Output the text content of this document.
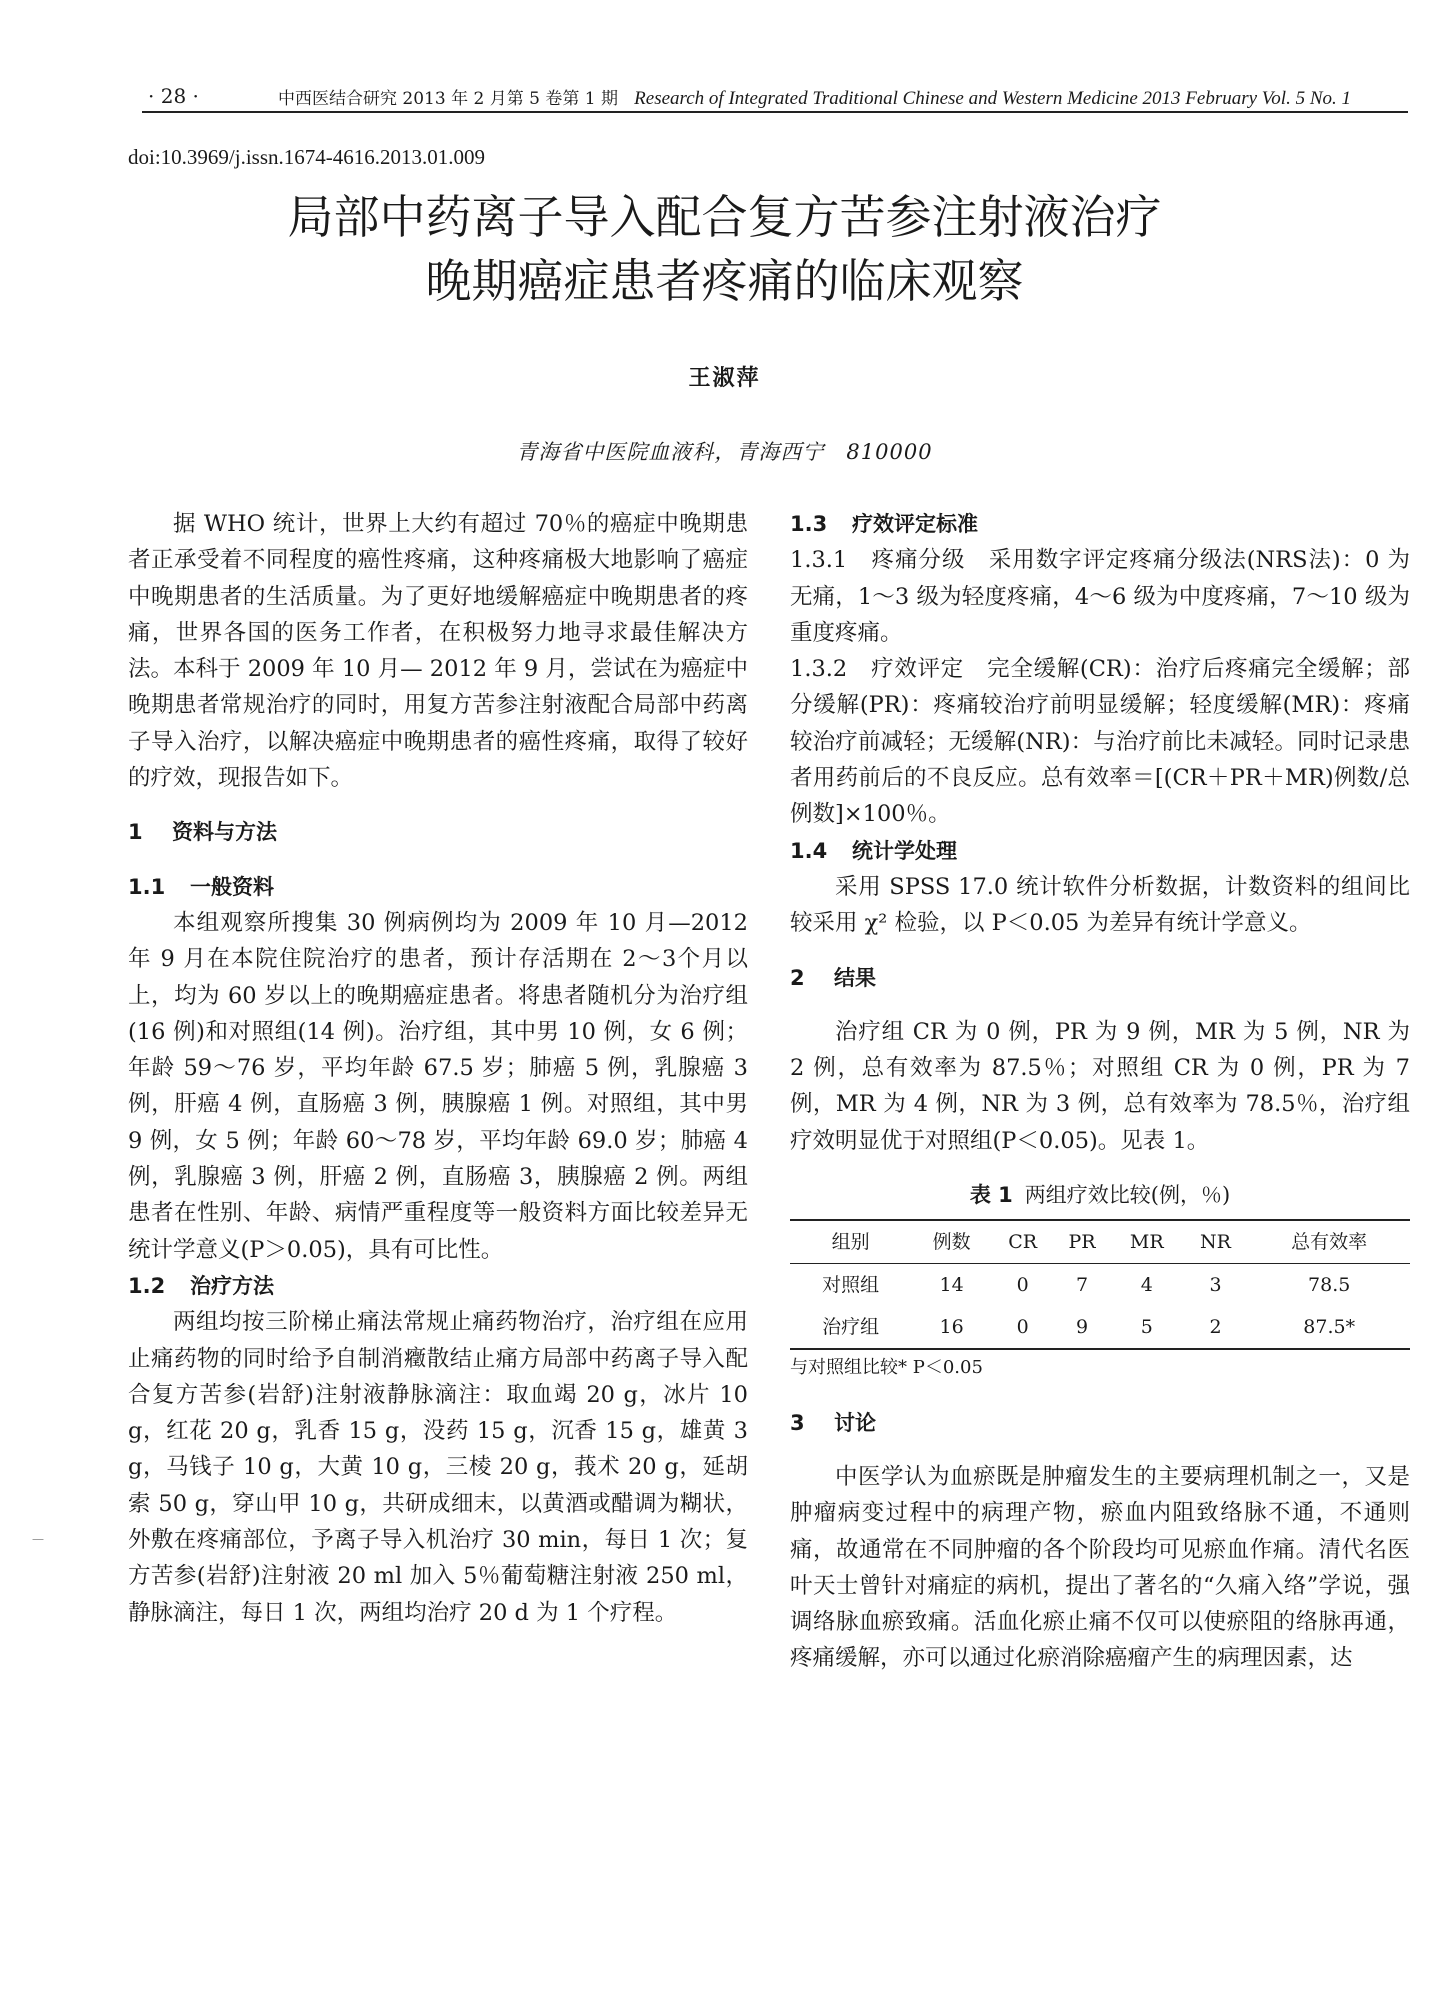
· 28 ·	中西医结合研究 2013 年 2 月第 5 卷第 1 期 Research of Integrated Traditional Chinese and Western Medicine 2013 February Vol. 5 No. 1
doi:10.3969/j.issn.1674-4616.2013.01.009
局部中药离子导入配合复方苦参注射液治疗
晚期癌症患者疼痛的临床观察
王淑萍
青海省中医院血液科，青海西宁　810000

据 WHO 统计，世界上大约有超过 70％的癌症中晚期患者正承受着不同程度的癌性疼痛，这种疼痛极大地影响了癌症中晚期患者的生活质量。为了更好地缓解癌症中晚期患者的疼痛，世界各国的医务工作者，在积极努力地寻求最佳解决方法。本科于 2009 年 10 月— 2012 年 9 月，尝试在为癌症中晚期患者常规治疗的同时，用复方苦参注射液配合局部中药离子导入治疗，以解决癌症中晚期患者的癌性疼痛，取得了较好的疗效，现报告如下。

1 资料与方法
1.1 一般资料

本组观察所搜集 30 例病例均为 2009 年 10 月—2012 年 9 月在本院住院治疗的患者，预计存活期在 2～3个月以上，均为 60 岁以上的晚期癌症患者。将患者随机分为治疗组(16 例)和对照组(14 例)。治疗组，其中男 10 例，女 6 例；年龄 59～76 岁，平均年龄 67.5 岁；肺癌 5 例，乳腺癌 3 例，肝癌 4 例，直肠癌 3 例，胰腺癌 1 例。对照组，其中男 9 例，女 5 例；年龄 60～78 岁，平均年龄 69.0 岁；肺癌 4 例，乳腺癌 3 例，肝癌 2 例，直肠癌 3，胰腺癌 2 例。两组患者在性别、年龄、病情严重程度等一般资料方面比较差异无统计学意义(P＞0.05)，具有可比性。

1.2 治疗方法

两组均按三阶梯止痛法常规止痛药物治疗，治疗组在应用止痛药物的同时给予自制消癥散结止痛方局部中药离子导入配合复方苦参(岩舒)注射液静脉滴注：取血竭 20 g，冰片 10 g，红花 20 g，乳香 15 g，没药 15 g，沉香 15 g，雄黄 3 g，马钱子 10 g，大黄 10 g，三棱 20 g，莪术 20 g，延胡索 50 g，穿山甲 10 g，共研成细末，以黄酒或醋调为糊状，外敷在疼痛部位，予离子导入机治疗 30 min，每日 1 次；复方苦参(岩舒)注射液 20 ml 加入 5％葡萄糖注射液 250 ml，静脉滴注，每日 1 次，两组均治疗 20 d 为 1 个疗程。

1.3 疗效评定标准

1.3.1　疼痛分级　采用数字评定疼痛分级法(NRS法)：0 为无痛，1～3 级为轻度疼痛，4～6 级为中度疼痛，7～10 级为重度疼痛。

1.3.2　疗效评定　完全缓解(CR)：治疗后疼痛完全缓解；部分缓解(PR)：疼痛较治疗前明显缓解；轻度缓解(MR)：疼痛较治疗前减轻；无缓解(NR)：与治疗前比未减轻。同时记录患者用药前后的不良反应。总有效率＝[(CR＋PR＋MR)例数/总例数]×100％。

1.4 统计学处理

采用 SPSS 17.0 统计软件分析数据，计数资料的组间比较采用 χ² 检验，以 P＜0.05 为差异有统计学意义。

2 结果

治疗组 CR 为 0 例，PR 为 9 例，MR 为 5 例，NR 为 2 例，总有效率为 87.5％；对照组 CR 为 0 例，PR 为 7 例，MR 为 4 例，NR 为 3 例，总有效率为 78.5％，治疗组疗效明显优于对照组(P＜0.05)。见表 1。

表 1 两组疗效比较(例，％)
组别	例数	CR	PR	MR	NR	总有效率
对照组	14	0	7	4	3	78.5
治疗组	16	0	9	5	2	87.5*

与对照组比较* P＜0.05

3 讨论

中医学认为血瘀既是肿瘤发生的主要病理机制之一，又是肿瘤病变过程中的病理产物，瘀血内阻致络脉不通，不通则痛，故通常在不同肿瘤的各个阶段均可见瘀血作痛。清代名医叶天士曾针对痛症的病机，提出了著名的“久痛入络”学说，强调络脉血瘀致痛。活血化瘀止痛不仅可以使瘀阻的络脉再通，疼痛缓解，亦可以通过化瘀消除癌瘤产生的病理因素，达

—
